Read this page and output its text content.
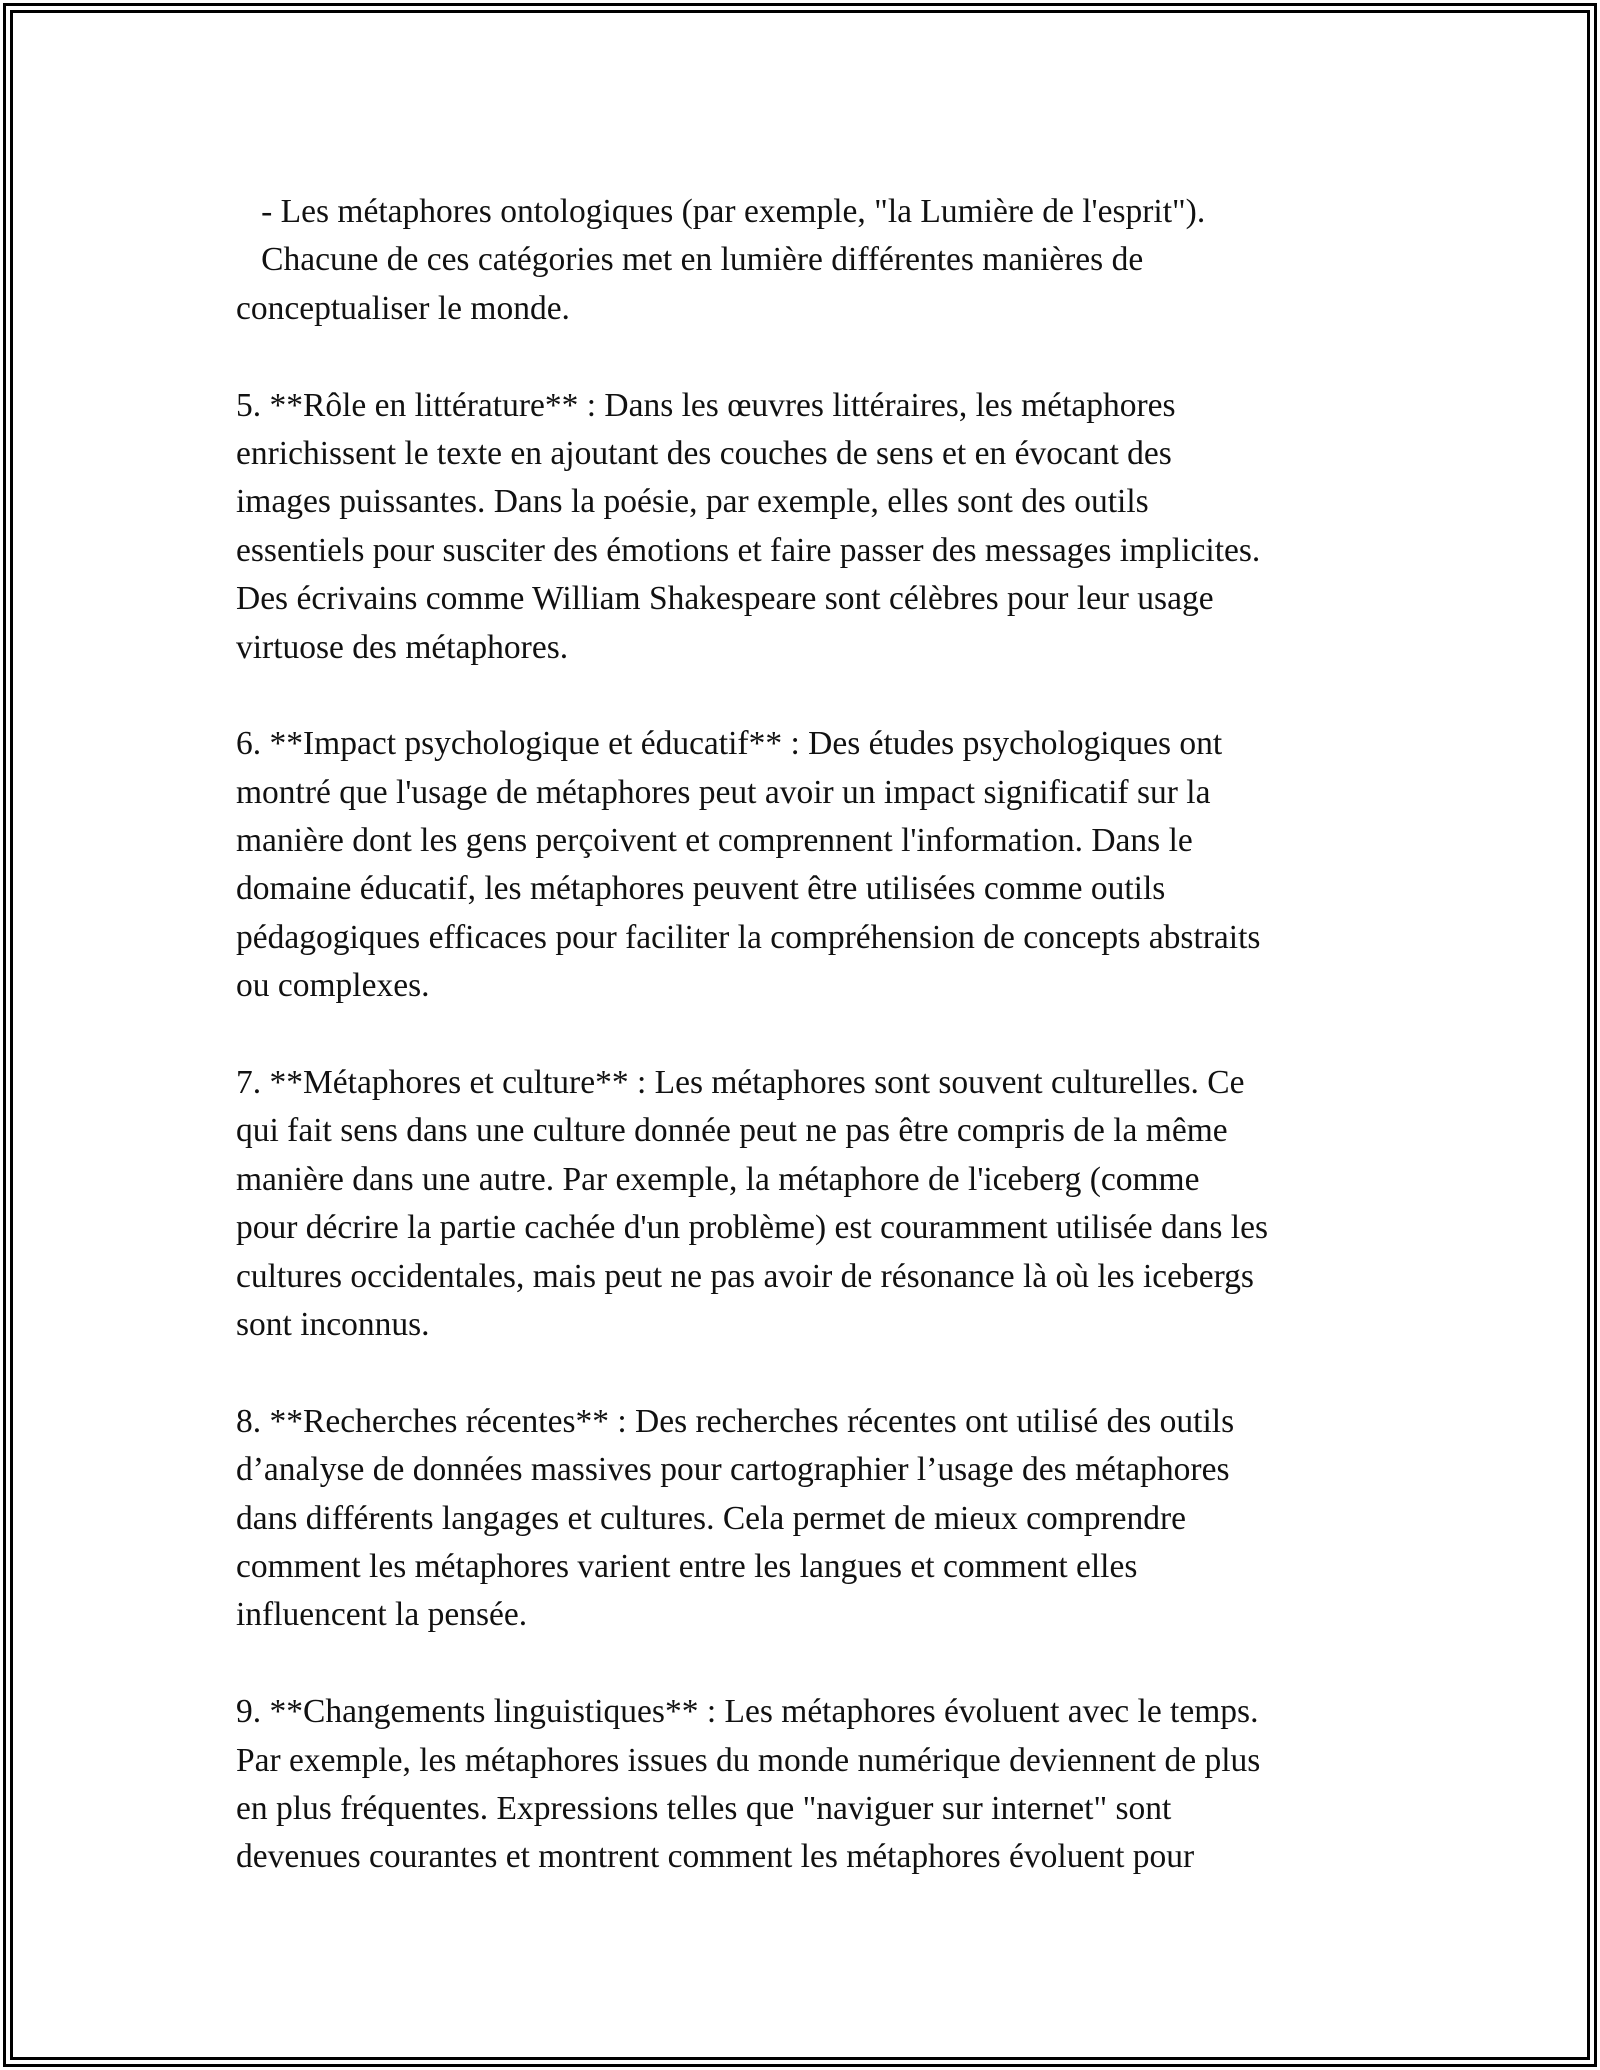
- Les métaphores ontologiques (par exemple, "la Lumière de l'esprit").
Chacune de ces catégories met en lumière différentes manières de
conceptualiser le monde.
5. **Rôle en littérature** : Dans les œuvres littéraires, les métaphores
enrichissent le texte en ajoutant des couches de sens et en évocant des
images puissantes. Dans la poésie, par exemple, elles sont des outils
essentiels pour susciter des émotions et faire passer des messages implicites.
Des écrivains comme William Shakespeare sont célèbres pour leur usage
virtuose des métaphores.
6. **Impact psychologique et éducatif** : Des études psychologiques ont
montré que l'usage de métaphores peut avoir un impact significatif sur la
manière dont les gens perçoivent et comprennent l'information. Dans le
domaine éducatif, les métaphores peuvent être utilisées comme outils
pédagogiques efficaces pour faciliter la compréhension de concepts abstraits
ou complexes.
7. **Métaphores et culture** : Les métaphores sont souvent culturelles. Ce
qui fait sens dans une culture donnée peut ne pas être compris de la même
manière dans une autre. Par exemple, la métaphore de l'iceberg (comme
pour décrire la partie cachée d'un problème) est couramment utilisée dans les
cultures occidentales, mais peut ne pas avoir de résonance là où les icebergs
sont inconnus.
8. **Recherches récentes** : Des recherches récentes ont utilisé des outils
d’analyse de données massives pour cartographier l’usage des métaphores
dans différents langages et cultures. Cela permet de mieux comprendre
comment les métaphores varient entre les langues et comment elles
influencent la pensée.
9. **Changements linguistiques** : Les métaphores évoluent avec le temps.
Par exemple, les métaphores issues du monde numérique deviennent de plus
en plus fréquentes. Expressions telles que "naviguer sur internet" sont
devenues courantes et montrent comment les métaphores évoluent pour
